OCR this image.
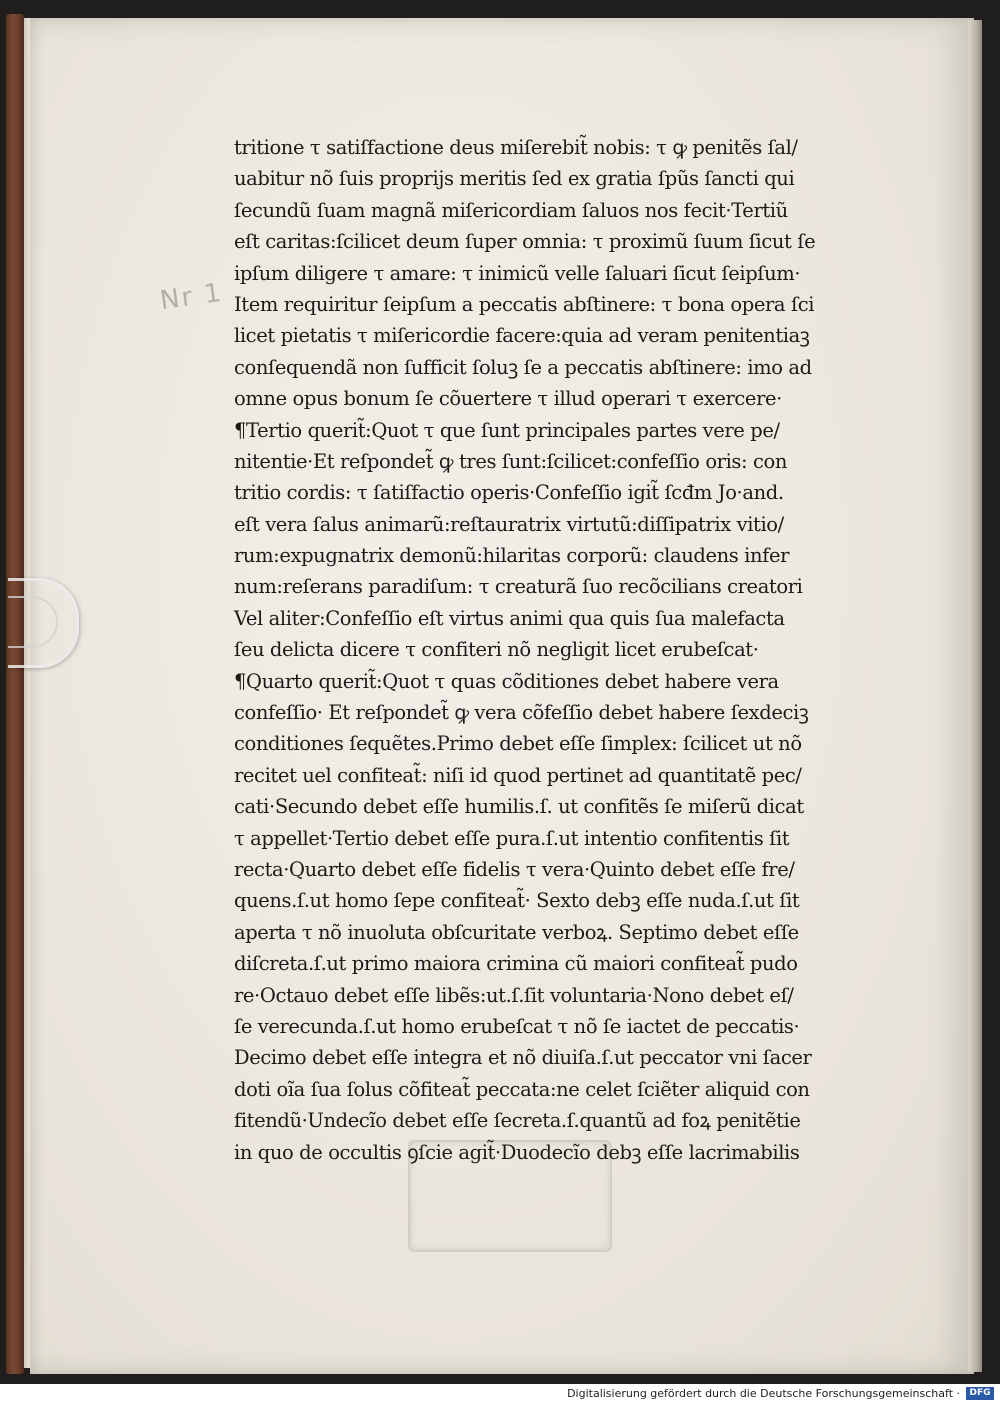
Nr 1
tritione τ satiſfactione deus miſerebit̃ nobis: τ ꝙ penitẽs ſal/
uabitur nõ ſuis proprijs meritis ſed ex gratia ſpũs ſancti qui
ſecundũ ſuam magnã miſericordiam ſaluos nos fecit·Tertiũ
eſt caritas:ſcilicet deum ſuper omnia: τ proximũ ſuum ſicut ſe
ipſum diligere τ amare: τ inimicũ velle ſaluari ſicut ſeipſum·
Item requiritur ſeipſum a peccatis abſtinere: τ bona opera ſci
licet pietatis τ miſericordie facere:quia ad veram penitentiaꝫ
conſequendã non ſufficit ſoluꝫ ſe a peccatis abſtinere: imo ad
omne opus bonum ſe cõuertere τ illud operari τ exercere·
¶Tertio querit̃:Quot τ que ſunt principales partes vere pe/
nitentie·Et reſpondet̃ ꝙ tres ſunt:ſcilicet:confeſſio oris: con
tritio cordis: τ ſatiſfactio operis·Confeſſio igit̃ ſcđm Jo·and.
eſt vera ſalus animarũ:reſtauratrix virtutũ:diſſipatrix vitio/
rum:expugnatrix demonũ:hilaritas corporũ: claudens infer
num:reſerans paradiſum: τ creaturã ſuo recõcilians creatori
Vel aliter:Confeſſio eſt virtus animi qua quis ſua malefacta
ſeu delicta dicere τ confiteri nõ negligit licet erubeſcat·
¶Quarto querit̃:Quot τ quas cõditiones debet habere vera
confeſſio· Et reſpondet̃ ꝙ vera cõfeſſio debet habere ſexdeciꝫ
conditiones ſequẽtes.Primo debet eſſe ſimplex: ſcilicet ut nõ
recitet uel confiteat̃: niſi id quod pertinet ad quantitatẽ pec/
cati·Secundo debet eſſe humilis.ſ. ut confitẽs ſe miſerũ dicat
τ appellet·Tertio debet eſſe pura.ſ.ut intentio confitentis ſit
recta·Quarto debet eſſe fidelis τ vera·Quinto debet eſſe fre/
quens.ſ.ut homo ſepe confiteat̃· Sexto debꝫ eſſe nuda.ſ.ut ſit
aperta τ nõ inuoluta obſcuritate verboꝝ. Septimo debet eſſe
diſcreta.ſ.ut primo maiora crimina cũ maiori confiteat̃ pudo
re·Octauo debet eſſe libẽs:ut.ſ.ſit voluntaria·Nono debet eſ/
ſe verecunda.ſ.ut homo erubeſcat τ nõ ſe iactet de peccatis·
Decimo debet eſſe integra et nõ diuiſa.ſ.ut peccator vni ſacer
doti oĩa ſua ſolus cõfiteat̃ peccata:ne celet ſciẽter aliquid con
fitendũ·Undecĩo debet eſſe ſecreta.ſ.quantũ ad foꝝ penitẽtie
in quo de occultis ꝯſcie agit̃·Duodecĩo debꝫ eſſe lacrimabilis
Digitalisierung gefördert durch die Deutsche Forschungsgemeinschaft ·	DFG
